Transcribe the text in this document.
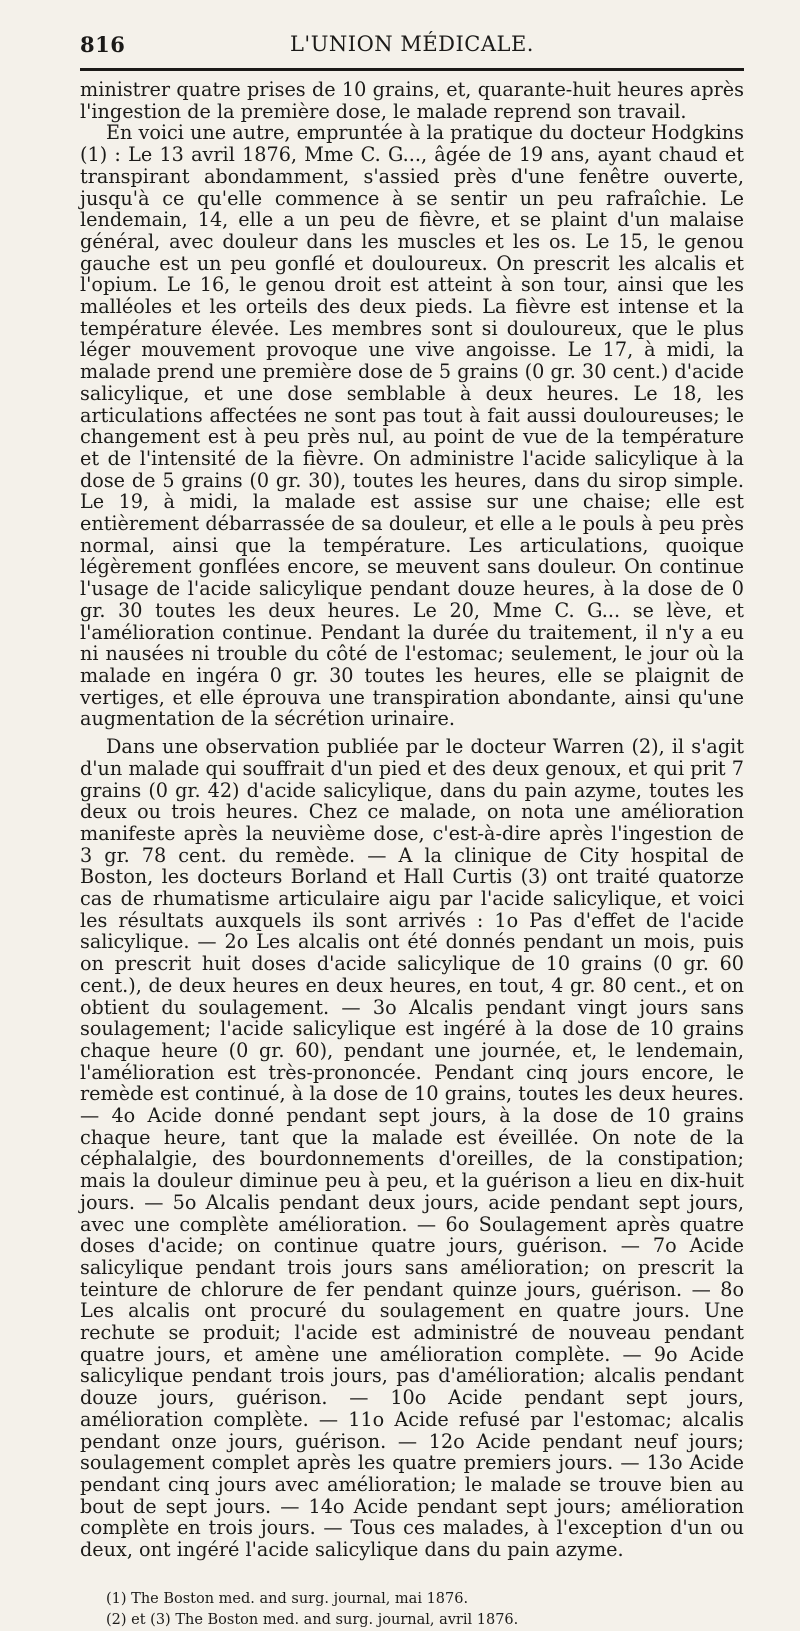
816	L'UNION MÉDICALE.

ministrer quatre prises de 10 grains, et, quarante-huit heures après l'ingestion de la première dose, le malade reprend son travail.

En voici une autre, empruntée à la pratique du docteur Hodgkins (1) : Le 13 avril 1876, Mme C. G..., âgée de 19 ans, ayant chaud et transpirant abondamment, s'assied près d'une fenêtre ouverte, jusqu'à ce qu'elle commence à se sentir un peu rafraîchie. Le lendemain, 14, elle a un peu de fièvre, et se plaint d'un malaise général, avec douleur dans les muscles et les os. Le 15, le genou gauche est un peu gonflé et douloureux. On prescrit les alcalis et l'opium. Le 16, le genou droit est atteint à son tour, ainsi que les malléoles et les orteils des deux pieds. La fièvre est intense et la température élevée. Les membres sont si douloureux, que le plus léger mouvement provoque une vive angoisse. Le 17, à midi, la malade prend une première dose de 5 grains (0 gr. 30 cent.) d'acide salicylique, et une dose semblable à deux heures. Le 18, les articulations affectées ne sont pas tout à fait aussi douloureuses; le changement est à peu près nul, au point de vue de la température et de l'intensité de la fièvre. On administre l'acide salicylique à la dose de 5 grains (0 gr. 30), toutes les heures, dans du sirop simple. Le 19, à midi, la malade est assise sur une chaise; elle est entièrement débarrassée de sa douleur, et elle a le pouls à peu près normal, ainsi que la température. Les articulations, quoique légèrement gonflées encore, se meuvent sans douleur. On continue l'usage de l'acide salicylique pendant douze heures, à la dose de 0 gr. 30 toutes les deux heures. Le 20, Mme C. G... se lève, et l'amélioration continue. Pendant la durée du traitement, il n'y a eu ni nausées ni trouble du côté de l'estomac; seulement, le jour où la malade en ingéra 0 gr. 30 toutes les heures, elle se plaignit de vertiges, et elle éprouva une transpiration abondante, ainsi qu'une augmentation de la sécrétion urinaire.

Dans une observation publiée par le docteur Warren (2), il s'agit d'un malade qui souffrait d'un pied et des deux genoux, et qui prit 7 grains (0 gr. 42) d'acide salicylique, dans du pain azyme, toutes les deux ou trois heures. Chez ce malade, on nota une amélioration manifeste après la neuvième dose, c'est-à-dire après l'ingestion de 3 gr. 78 cent. du remède. — A la clinique de City hospital de Boston, les docteurs Borland et Hall Curtis (3) ont traité quatorze cas de rhumatisme articulaire aigu par l'acide salicylique, et voici les résultats auxquels ils sont arrivés : 1o Pas d'effet de l'acide salicylique. — 2o Les alcalis ont été donnés pendant un mois, puis on prescrit huit doses d'acide salicylique de 10 grains (0 gr. 60 cent.), de deux heures en deux heures, en tout, 4 gr. 80 cent., et on obtient du soulagement. — 3o Alcalis pendant vingt jours sans soulagement; l'acide salicylique est ingéré à la dose de 10 grains chaque heure (0 gr. 60), pendant une journée, et, le lendemain, l'amélioration est très-prononcée. Pendant cinq jours encore, le remède est continué, à la dose de 10 grains, toutes les deux heures. — 4o Acide donné pendant sept jours, à la dose de 10 grains chaque heure, tant que la malade est éveillée. On note de la céphalalgie, des bourdonnements d'oreilles, de la constipation; mais la douleur diminue peu à peu, et la guérison a lieu en dix-huit jours. — 5o Alcalis pendant deux jours, acide pendant sept jours, avec une complète amélioration. — 6o Soulagement après quatre doses d'acide; on continue quatre jours, guérison. — 7o Acide salicylique pendant trois jours sans amélioration; on prescrit la teinture de chlorure de fer pendant quinze jours, guérison. — 8o Les alcalis ont procuré du soulagement en quatre jours. Une rechute se produit; l'acide est administré de nouveau pendant quatre jours, et amène une amélioration complète. — 9o Acide salicylique pendant trois jours, pas d'amélioration; alcalis pendant douze jours, guérison. — 10o Acide pendant sept jours, amélioration complète. — 11o Acide refusé par l'estomac; alcalis pendant onze jours, guérison. — 12o Acide pendant neuf jours; soulagement complet après les quatre premiers jours. — 13o Acide pendant cinq jours avec amélioration; le malade se trouve bien au bout de sept jours. — 14o Acide pendant sept jours; amélioration complète en trois jours. — Tous ces malades, à l'exception d'un ou deux, ont ingéré l'acide salicylique dans du pain azyme.

(1) The Boston med. and surg. journal, mai 1876.
(2) et (3) The Boston med. and surg. journal, avril 1876.
